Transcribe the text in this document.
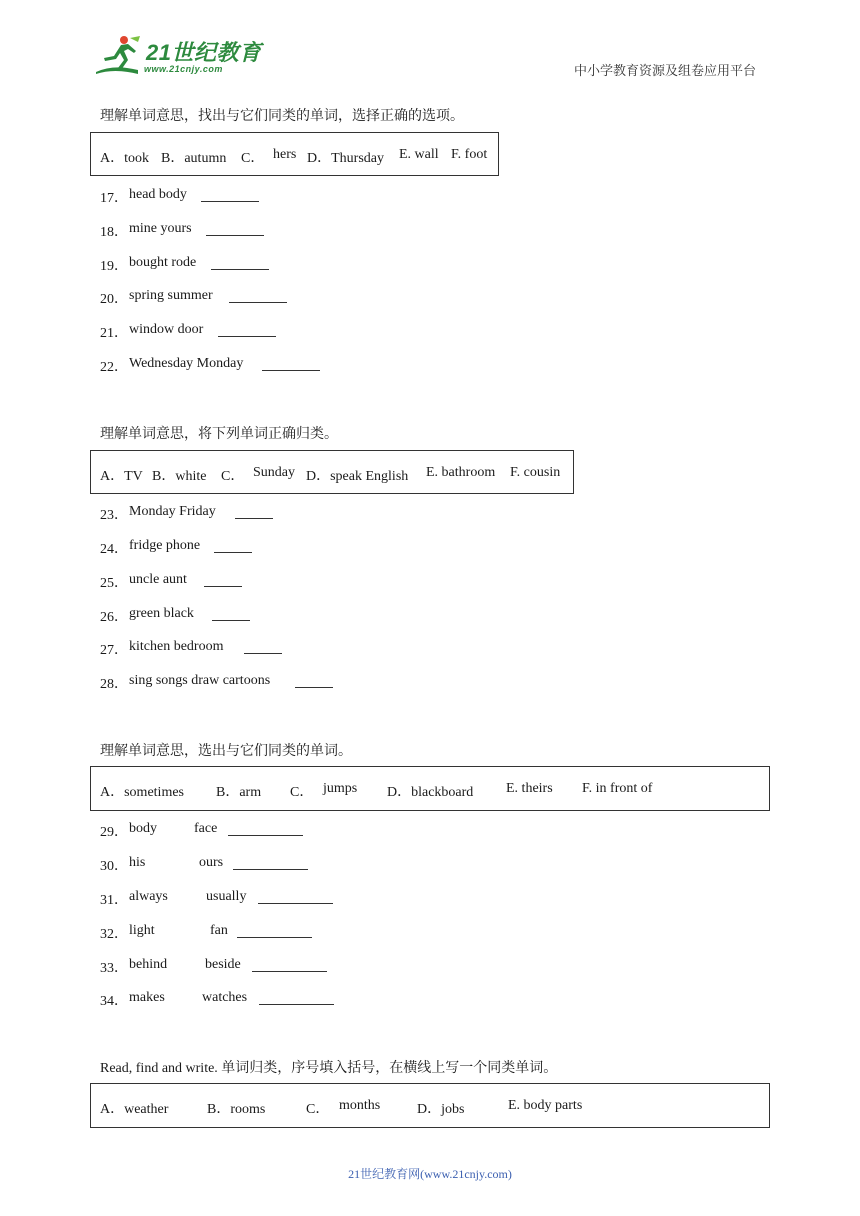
21世纪教育
www.21cnjy.com	中小学教育资源及组卷应用平台
理解单词意思，找出与它们同类的单词，选择正确的选项。
A．took B．autumn C． hers D．Thursday E. wall F. foot
17． head body
18． mine yours
19． bought rode
20． spring summer
21． window door
22． Wednesday Monday
理解单词意思，将下列单词正确归类。
A．TV B．white C． Sunday D．speak English E. bathroom F. cousin
23． Monday Friday
24． fridge phone
25． uncle aunt
26． green black
27． kitchen bedroom
28． sing songs draw cartoons
理解单词意思，选出与它们同类的单词。
A．sometimes B．arm C． jumps D．blackboard E. theirs F. in front of
29． body	face
30． his	ours
31． always	usually
32． light	fan
33． behind	beside
34． makes	watches
Read, find and write. 单词归类，序号填入括号，在横线上写一个同类单词。
A．weather	B．rooms	C． months	D．jobs	E. body parts
21世纪教育网(www.21cnjy.com)
